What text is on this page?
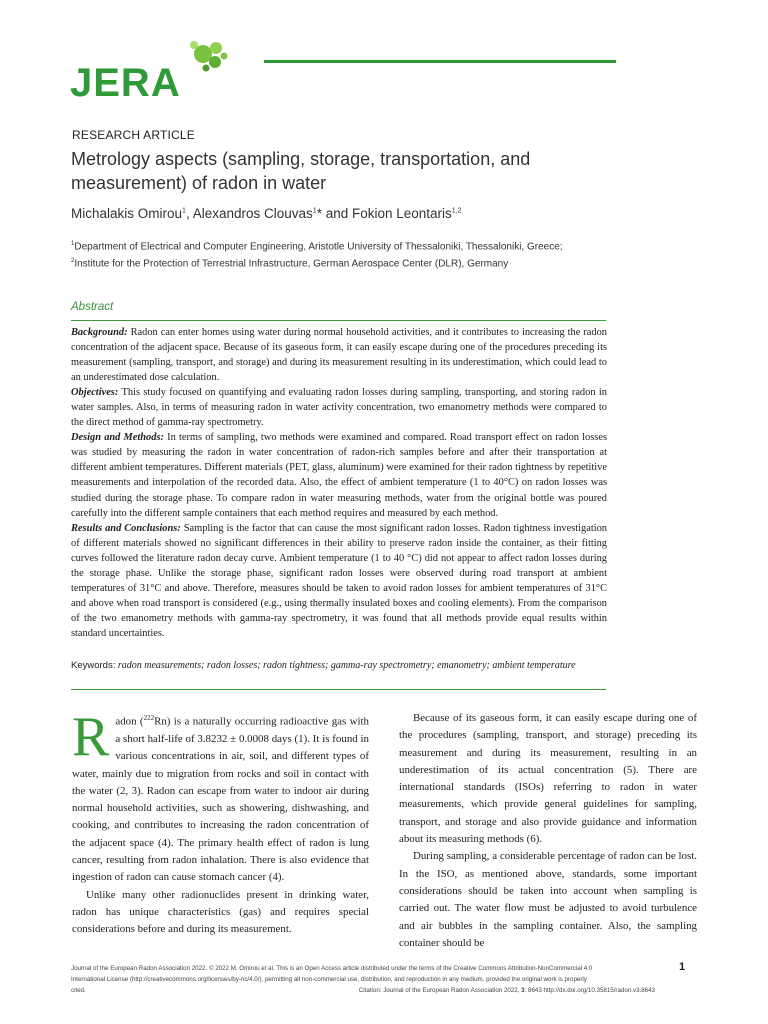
JERA
RESEARCH ARTICLE
Metrology aspects (sampling, storage, transportation, and measurement) of radon in water
Michalakis Omirou$^1$, Alexandros Clouvas$^1$* and Fokion Leontaris$^{1,2}$
$^1$Department of Electrical and Computer Engineering, Aristotle University of Thessaloniki, Thessaloniki, Greece;
$^2$Institute for the Protection of Terrestrial Infrastructure, German Aerospace Center (DLR), Germany
Abstract

Background: Radon can enter homes using water during normal household activities, and it contributes to increasing the radon concentration of the adjacent space. Because of its gaseous form, it can easily escape during one of the procedures preceding its measurement (sampling, transport, and storage) and during its measurement resulting in its underestimation, which could lead to an underestimated dose calculation.

Objectives: This study focused on quantifying and evaluating radon losses during sampling, transporting, and storing radon in water samples. Also, in terms of measuring radon in water activity concentration, two emanometry methods were compared to the direct method of gamma-ray spectrometry.

Design and Methods: In terms of sampling, two methods were examined and compared. Road transport effect on radon losses was studied by measuring the radon in water concentration of radon-rich samples before and after their transportation at different ambient temperatures. Different materials (PET, glass, aluminum) were examined for their radon tightness by repetitive measurements and interpolation of the recorded data. Also, the effect of ambient temperature (1 to 40°C) on radon losses was studied during the storage phase. To compare radon in water measuring methods, water from the original bottle was poured carefully into the different sample containers that each method requires and measured by each method.

Results and Conclusions: Sampling is the factor that can cause the most significant radon losses. Radon tightness investigation of different materials showed no significant differences in their ability to preserve radon inside the container, as their fitting curves followed the literature radon decay curve. Ambient temperature (1 to 40 °C) did not appear to affect radon losses during the storage phase. Unlike the storage phase, significant radon losses were observed during road transport at ambient temperatures of 31°C and above. Therefore, measures should be taken to avoid radon losses for ambient temperatures of 31°C and above when road transport is considered (e.g., using thermally insulated boxes and cooling elements). From the comparison of the two emanometry methods with gamma-ray spectrometry, it was found that all methods provide equal results within standard uncertainties.

Keywords: radon measurements; radon losses; radon tightness; gamma-ray spectrometry; emanometry; ambient temperature

Radon ($^{222}$Rn) is a naturally occurring radioactive gas with a short half-life of 3.8232 ± 0.0008 days (1). It is found in various concentrations in air, soil, and different types of water, mainly due to migration from rocks and soil in contact with the water (2, 3). Radon can escape from water to indoor air during normal household activities, such as showering, dishwashing, and cooking, and contributes to increasing the radon concentration of the adjacent space (4). The primary health effect of radon is lung cancer, resulting from radon inhalation. There is also evidence that ingestion of radon can cause stomach cancer (4).

Unlike many other radionuclides present in drinking water, radon has unique characteristics (gas) and requires special considerations before and during its measurement.

Because of its gaseous form, it can easily escape during one of the procedures (sampling, transport, and storage) preceding its measurement and during its measurement, resulting in an underestimation of its actual concentration (5). There are international standards (ISOs) referring to radon in water measurements, which provide general guidelines for sampling, transport, and storage and also provide guidance and information about its measuring methods (6).

During sampling, a considerable percentage of radon can be lost. In the ISO, as mentioned above, standards, some important considerations should be taken into account when sampling is carried out. The water flow must be adjusted to avoid turbulence and air bubbles in the sampling container. Also, the sampling container should be

Journal of the European Radon Association 2022. © 2022 M. Omirou et al. This is an Open Access article distributed under the terms of the Creative Commons Attribution-NonCommercial 4.0
International License (http://creativecommons.org/licenses/by-nc/4.0/), permitting all non-commercial use, distribution, and reproduction in any medium, provided the original work is properly
cited.	Citation: Journal of the European Radon Association 2022, 3: 8643 http://dx.doi.org/10.35815/radon.v3.8643
1
